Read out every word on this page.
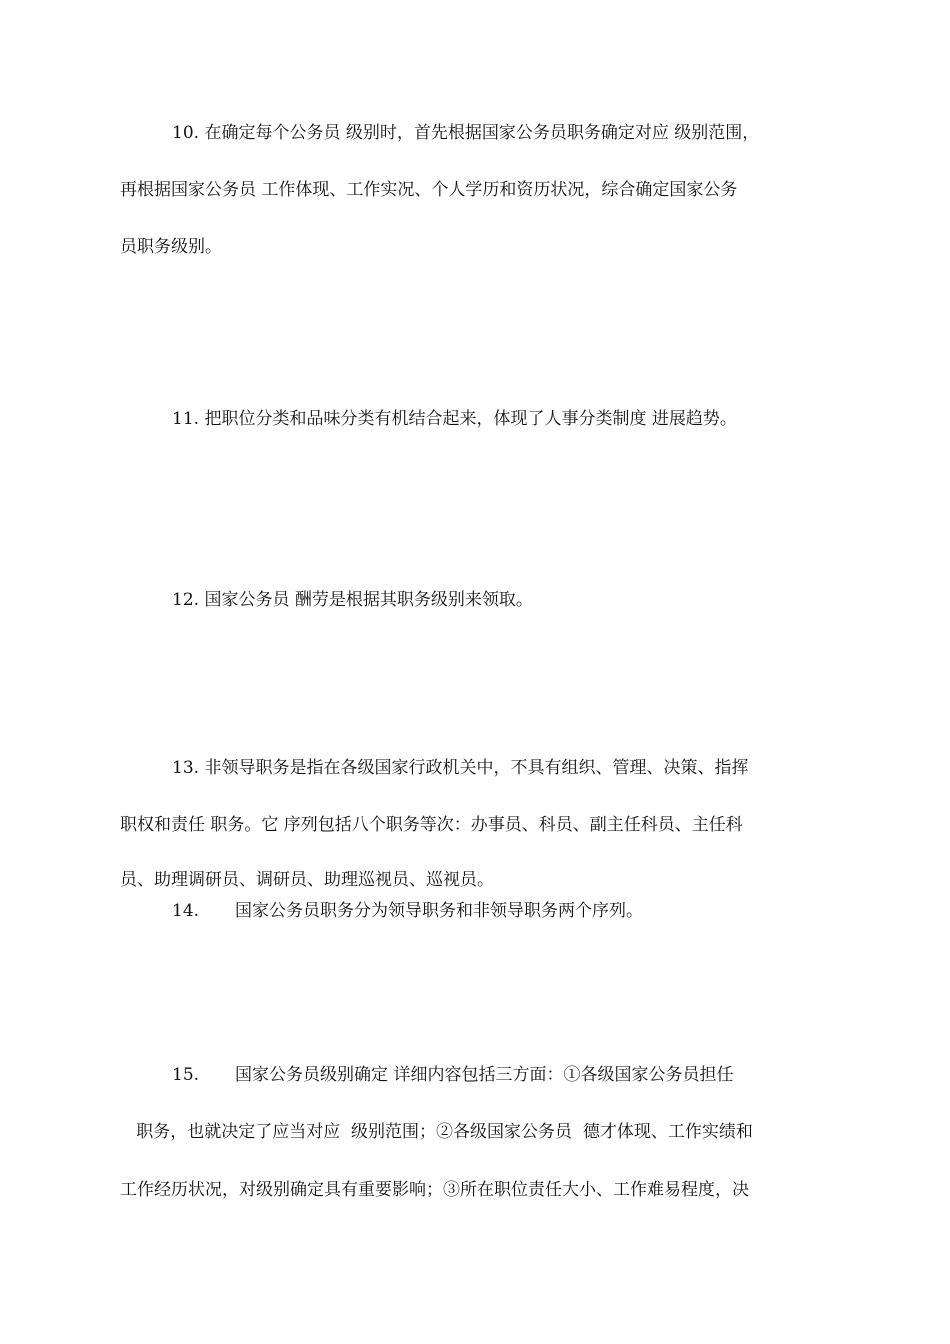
10. 在确定每个公务员 级别时，首先根据国家公务员职务确定对应 级别范围，

再根据国家公务员 工作体现、工作实况、个人学历和资历状况，综合确定国家公务

员职务级别。

11. 把职位分类和品味分类有机结合起来，体现了人事分类制度 进展趋势。

12. 国家公务员 酬劳是根据其职务级别来领取。

13. 非领导职务是指在各级国家行政机关中，不具有组织、管理、决策、指挥

职权和责任 职务。它 序列包括八个职务等次：办事员、科员、副主任科员、主任科

员、助理调研员、调研员、助理巡视员、巡视员。

14. 国家公务员职务分为领导职务和非领导职务两个序列。

15. 国家公务员级别确定 详细内容包括三方面：①各级国家公务员担任

职务，也就决定了应当对应  级别范围；②各级国家公务员  德才体现、工作实绩和

工作经历状况，对级别确定具有重要影响；③所在职位责任大小、工作难易程度，决
